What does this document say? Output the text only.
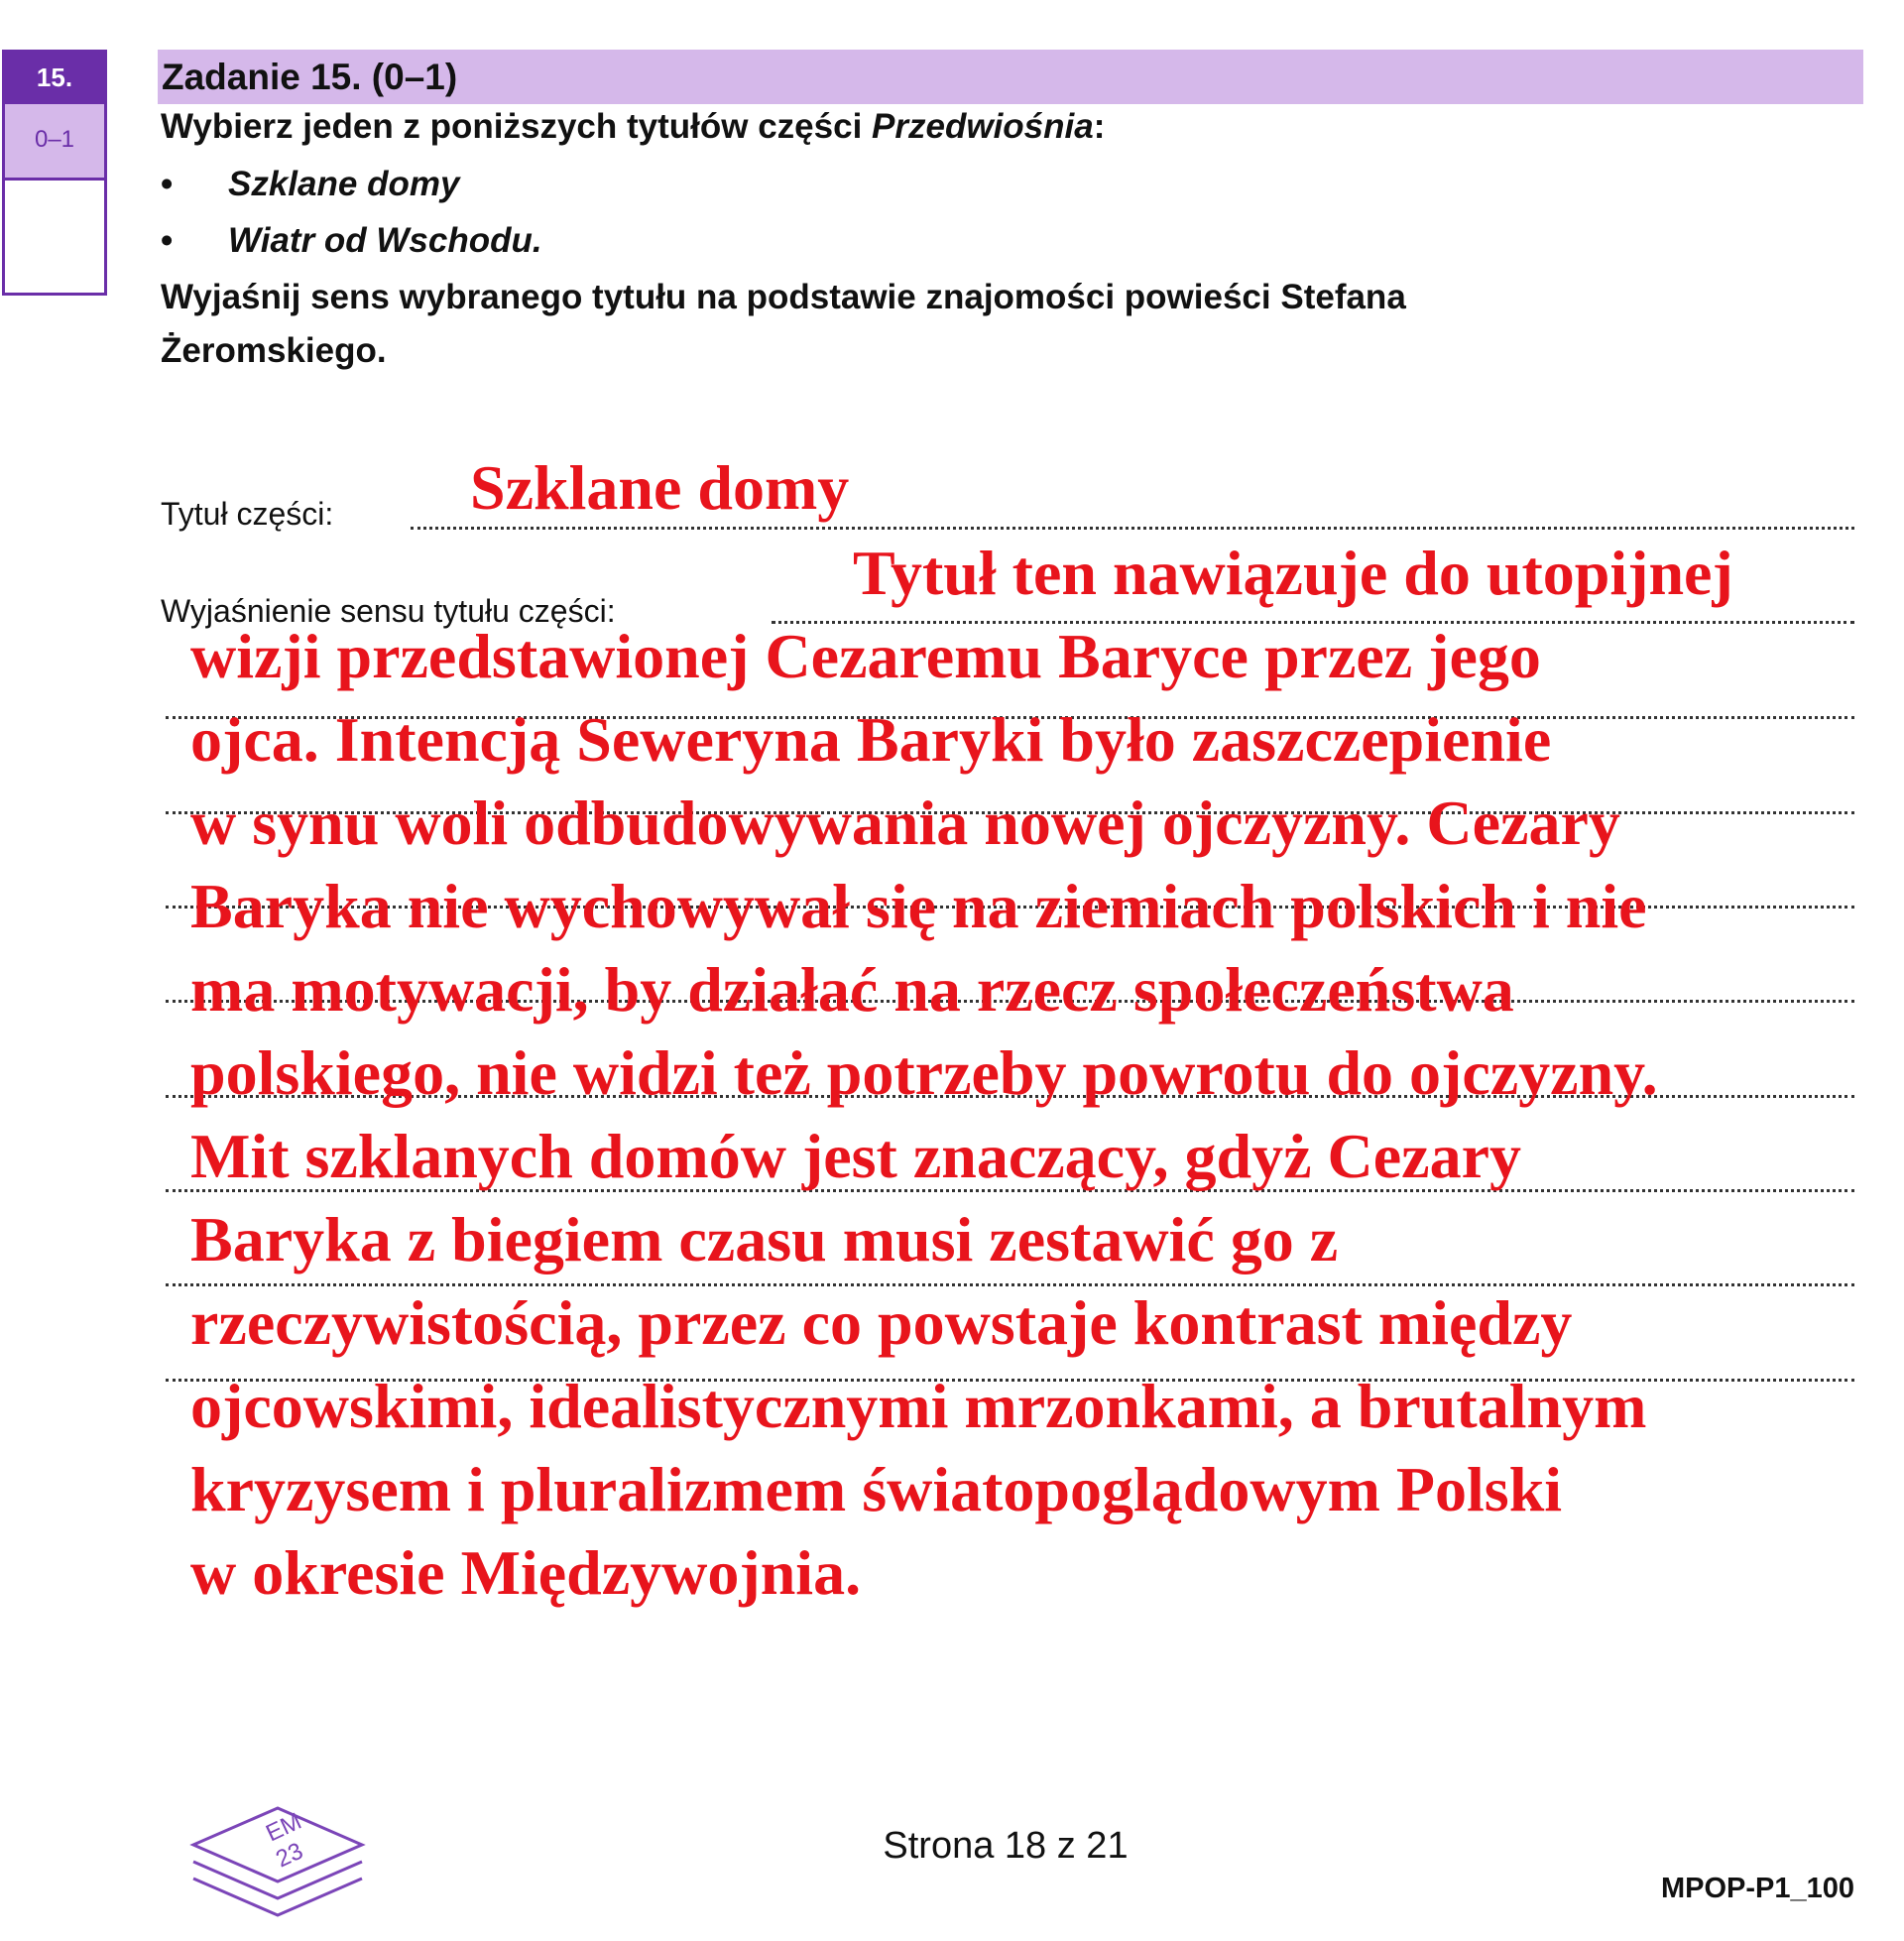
15.
0–1
Zadanie 15. (0–1)
Wybierz jeden z poniższych tytułów części Przedwiośnia:
• Szklane domy
• Wiatr od Wschodu.
Wyjaśnij sens wybranego tytułu na podstawie znajomości powieści Stefana
Żeromskiego.
Tytuł części: Szklane domy
Wyjaśnienie sensu tytułu części:
Tytuł ten nawiązuje do utopijnej
wizji przedstawionej Cezaremu Baryce przez jego
ojca. Intencją Seweryna Baryki było zaszczepienie
w synu woli odbudowywania nowej ojczyzny. Cezary
Baryka nie wychowywał się na ziemiach polskich i nie
ma motywacji, by działać na rzecz społeczeństwa
polskiego, nie widzi też potrzeby powrotu do ojczyzny.
Mit szklanych domów jest znaczący, gdyż Cezary
Baryka z biegiem czasu musi zestawić go z
rzeczywistością, przez co powstaje kontrast między
ojcowskimi, idealistycznymi mrzonkami, a brutalnym
kryzysem i pluralizmem światopoglądowym Polski
w okresie Międzywojnia.
EM
23	Strona 18 z 21
MPOP-P1_100
